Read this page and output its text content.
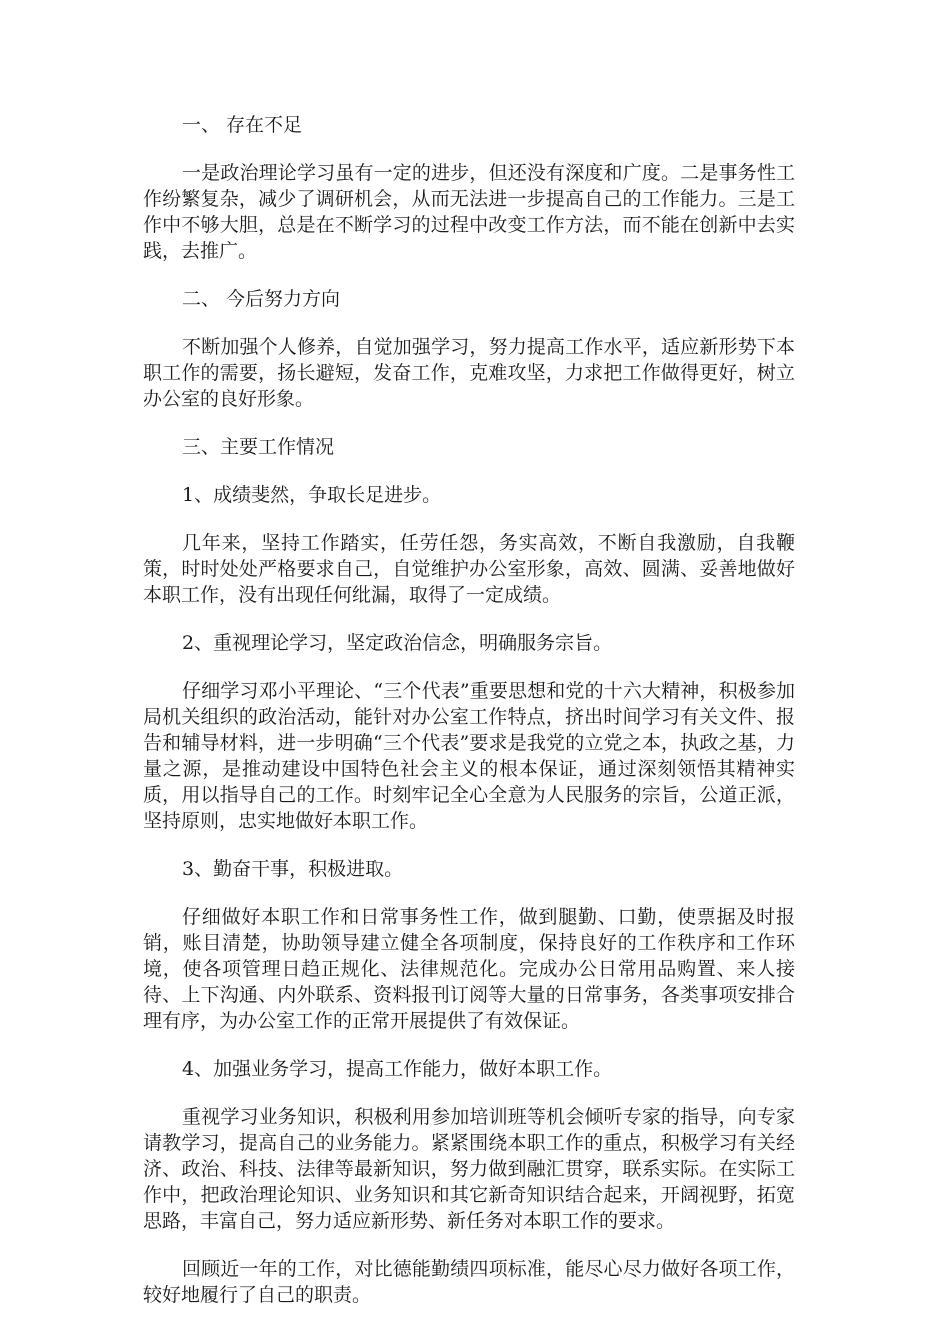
一、 存在不足

一是政治理论学习虽有一定的进步，但还没有深度和广度。二是事务性工作纷繁复杂，减少了调研机会，从而无法进一步提高自己的工作能力。三是工作中不够大胆，总是在不断学习的过程中改变工作方法，而不能在创新中去实践，去推广。

二、 今后努力方向

不断加强个人修养，自觉加强学习，努力提高工作水平，适应新形势下本职工作的需要，扬长避短，发奋工作，克难攻坚，力求把工作做得更好，树立办公室的良好形象。

三、主要工作情况

1、成绩斐然，争取长足进步。

几年来，坚持工作踏实，任劳任怨，务实高效，不断自我激励，自我鞭策，时时处处严格要求自己，自觉维护办公室形象，高效、圆满、妥善地做好本职工作，没有出现任何纰漏，取得了一定成绩。

2、重视理论学习，坚定政治信念，明确服务宗旨。

仔细学习邓小平理论、“三个代表”重要思想和党的十六大精神，积极参加局机关组织的政治活动，能针对办公室工作特点，挤出时间学习有关文件、报告和辅导材料，进一步明确“三个代表”要求是我党的立党之本，执政之基，力量之源，是推动建设中国特色社会主义的根本保证，通过深刻领悟其精神实质，用以指导自己的工作。时刻牢记全心全意为人民服务的宗旨，公道正派，坚持原则，忠实地做好本职工作。

3、勤奋干事，积极进取。

仔细做好本职工作和日常事务性工作，做到腿勤、口勤，使票据及时报销，账目清楚，协助领导建立健全各项制度，保持良好的工作秩序和工作环境，使各项管理日趋正规化、法律规范化。完成办公日常用品购置、来人接待、上下沟通、内外联系、资料报刊订阅等大量的日常事务，各类事项安排合理有序，为办公室工作的正常开展提供了有效保证。

4、加强业务学习，提高工作能力，做好本职工作。

重视学习业务知识，积极利用参加培训班等机会倾听专家的指导，向专家请教学习，提高自己的业务能力。紧紧围绕本职工作的重点，积极学习有关经济、政治、科技、法律等最新知识，努力做到融汇贯穿，联系实际。在实际工作中，把政治理论知识、业务知识和其它新奇知识结合起来，开阔视野，拓宽思路，丰富自己，努力适应新形势、新任务对本职工作的要求。

回顾近一年的工作，对比德能勤绩四项标准，能尽心尽力做好各项工作，较好地履行了自己的职责。
